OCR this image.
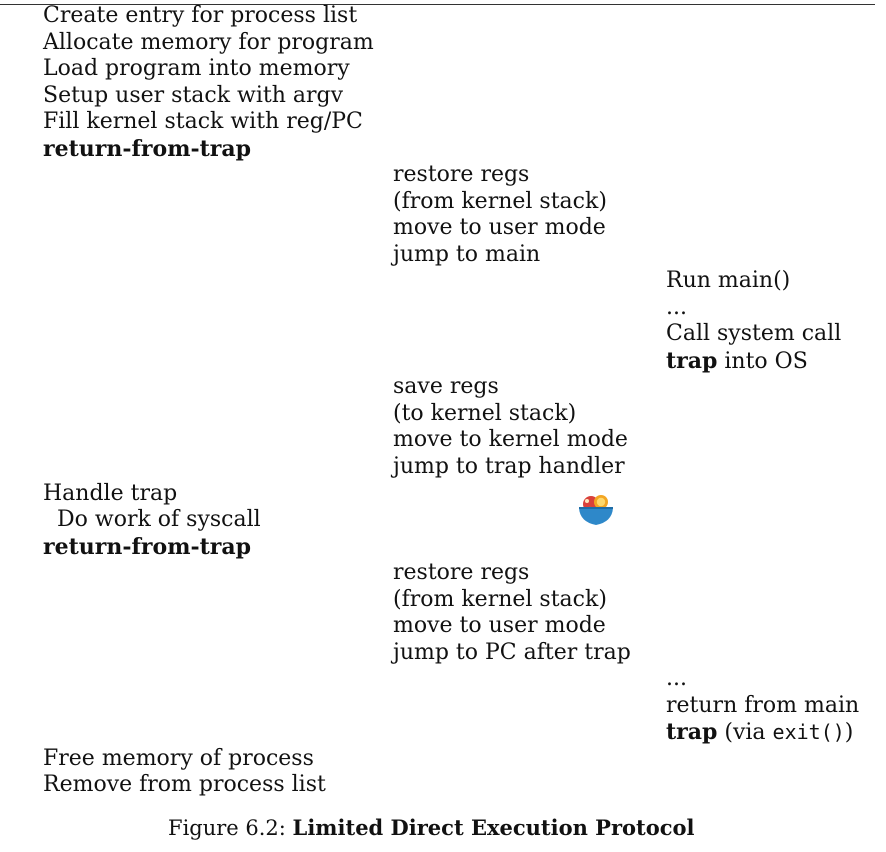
Create entry for process list
Allocate memory for program
Load program into memory
Setup user stack with argv
Fill kernel stack with reg/PC
return-from-trap
restore regs
(from kernel stack)
move to user mode
jump to main
Run main()
...
Call system call
trap into OS
save regs
(to kernel stack)
move to kernel mode
jump to trap handler
Handle trap
Do work of syscall
return-from-trap
restore regs
(from kernel stack)
move to user mode
jump to PC after trap
...
return from main
trap (via exit())
Free memory of process
Remove from process list
Figure 6.2: Limited Direct Execution Protocol
